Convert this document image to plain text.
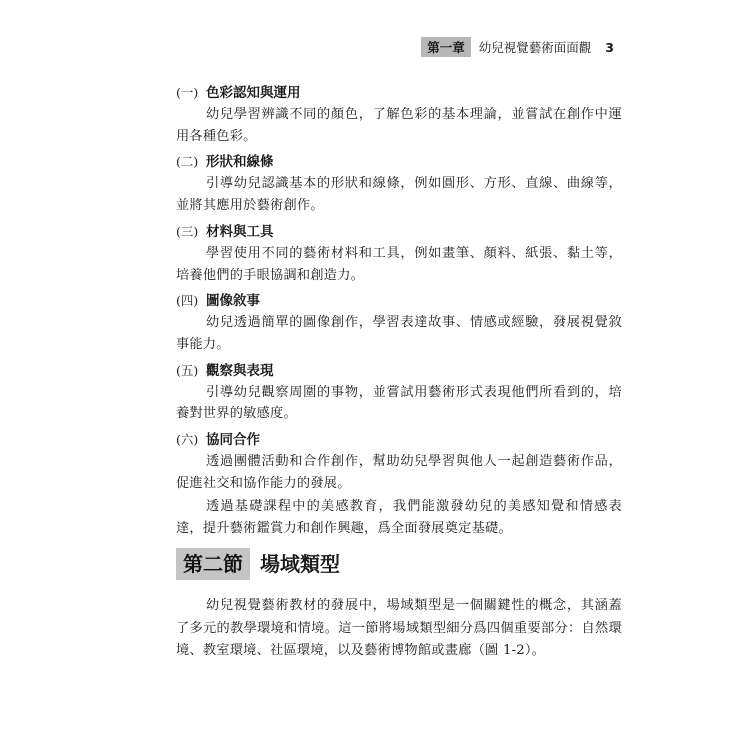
第一章	幼兒視覺藝術面面觀 3
(一) 色彩認知與運用

幼兒學習辨識不同的顏色，了解色彩的基本理論，並嘗試在創作中運用各種色彩。

(二) 形狀和線條

引導幼兒認識基本的形狀和線條，例如圓形、方形、直線、曲線等，並將其應用於藝術創作。

(三) 材料與工具

學習使用不同的藝術材料和工具，例如畫筆、顏料、紙張、黏土等，培養他們的手眼協調和創造力。

(四) 圖像敘事

幼兒透過簡單的圖像創作，學習表達故事、情感或經驗，發展視覺敘事能力。

(五) 觀察與表現

引導幼兒觀察周圍的事物，並嘗試用藝術形式表現他們所看到的，培養對世界的敏感度。

(六) 協同合作

透過團體活動和合作創作，幫助幼兒學習與他人一起創造藝術作品，促進社交和協作能力的發展。

透過基礎課程中的美感教育，我們能激發幼兒的美感知覺和情感表達，提升藝術鑑賞力和創作興趣，爲全面發展奠定基礎。

第二節 場域類型

幼兒視覺藝術教材的發展中，場域類型是一個關鍵性的概念，其涵蓋了多元的教學環境和情境。這一節將場域類型細分爲四個重要部分：自然環境、教室環境、社區環境，以及藝術博物館或畫廊（圖 1-2）。
